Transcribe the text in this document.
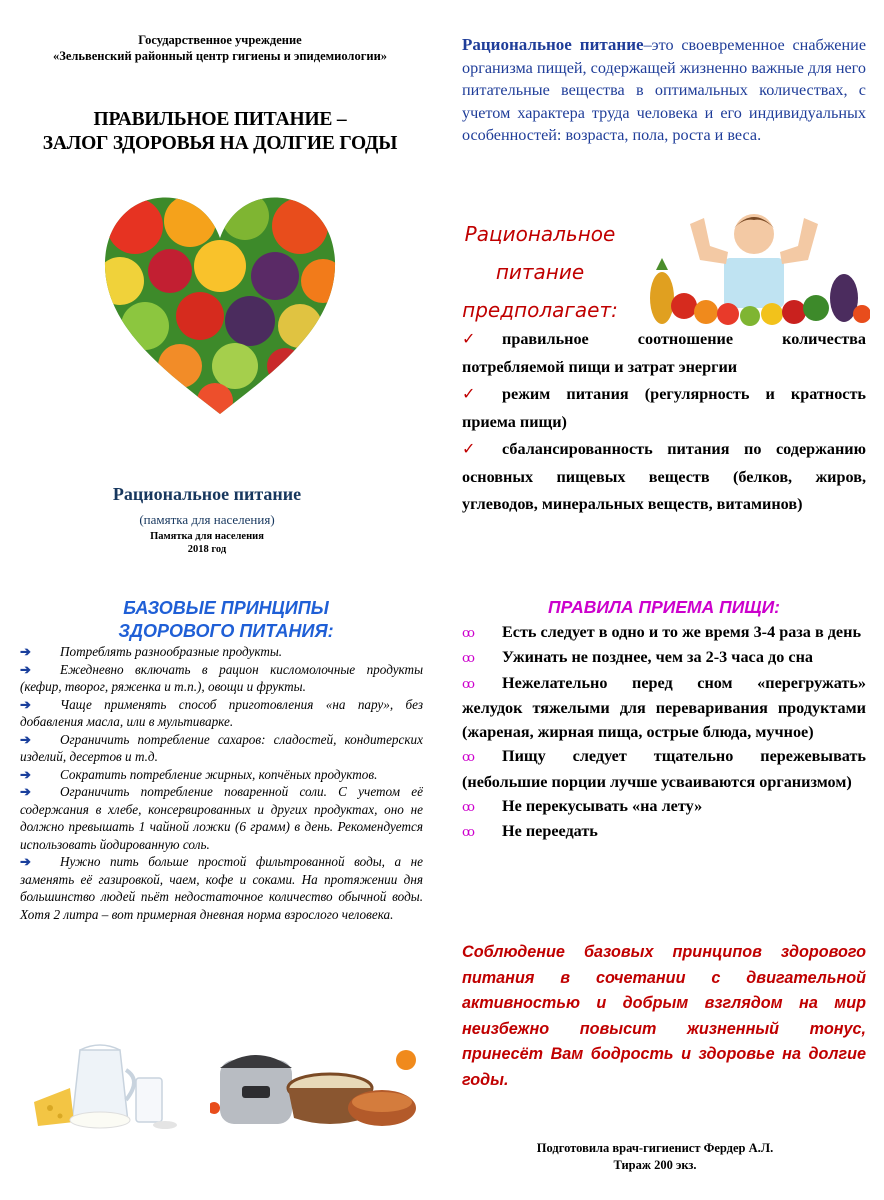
Государственное учреждение
«Зельвенский районный центр гигиены и эпидемиологии»
ПРАВИЛЬНОЕ ПИТАНИЕ –
ЗАЛОГ ЗДОРОВЬЯ НА ДОЛГИЕ ГОДЫ
Рациональное питание
(памятка для населения)
Памятка для населения
2018 год
Рациональное питание–это своевременное снабжение организма пищей, содержащей жизненно важные для него питательные вещества в оптимальных количествах, с учетом характера труда человека и его индивидуальных особенностей: возраста, пола, роста и веса.
Рациональное
питание
предполагает:
✓ правильное соотношение количества потребляемой пищи и затрат энергии
✓ режим питания (регулярность и кратность приема пищи)
✓ сбалансированность питания по содержанию основных пищевых веществ (белков, жиров, углеводов, минеральных веществ, витаминов)
БАЗОВЫЕ ПРИНЦИПЫ
ЗДОРОВОГО ПИТАНИЯ:
➔ Потреблять разнообразные продукты.
➔ Ежедневно включать в рацион кисломолочные продукты (кефир, творог, ряженка и т.п.), овощи и фрукты.
➔ Чаще применять способ приготовления «на пару», без добавления масла, или в мультиварке.
➔ Ограничить потребление сахаров: сладостей, кондитерских изделий, десертов и т.д.
➔ Сократить потребление жирных, копчёных продуктов.
➔ Ограничить потребление поваренной соли. С учетом её содержания в хлебе, консервированных и других продуктах, оно не должно превышать 1 чайной ложки (6 грамм) в день. Рекомендуется использовать йодированную соль.
➔ Нужно пить больше простой фильтрованной воды, а не заменять её газировкой, чаем, кофе и соками. На протяжении дня большинство людей пьёт недостаточное количество обычной воды. Хотя 2 литра – вот примерная дневная норма взрослого человека.
ПРАВИЛА ПРИЕМА ПИЩИ:
ꝏ Есть следует в одно и то же время 3-4 раза в день
ꝏ Ужинать не позднее, чем за 2-3 часа до сна
ꝏ Нежелательно перед сном «перегружать» желудок тяжелыми для переваривания продуктами (жареная, жирная пища, острые блюда, мучное)
ꝏ Пищу следует тщательно пережевывать (небольшие порции лучше усваиваются организмом)
ꝏ Не перекусывать «на лету»
ꝏ Не переедать
Соблюдение базовых принципов здорового питания в сочетании с двигательной активностью и добрым взглядом на мир неизбежно повысит жизненный тонус, принесёт Вам бодрость и здоровье на долгие годы.
Подготовила врач-гигиенист Фердер А.Л.
Тираж 200 экз.
